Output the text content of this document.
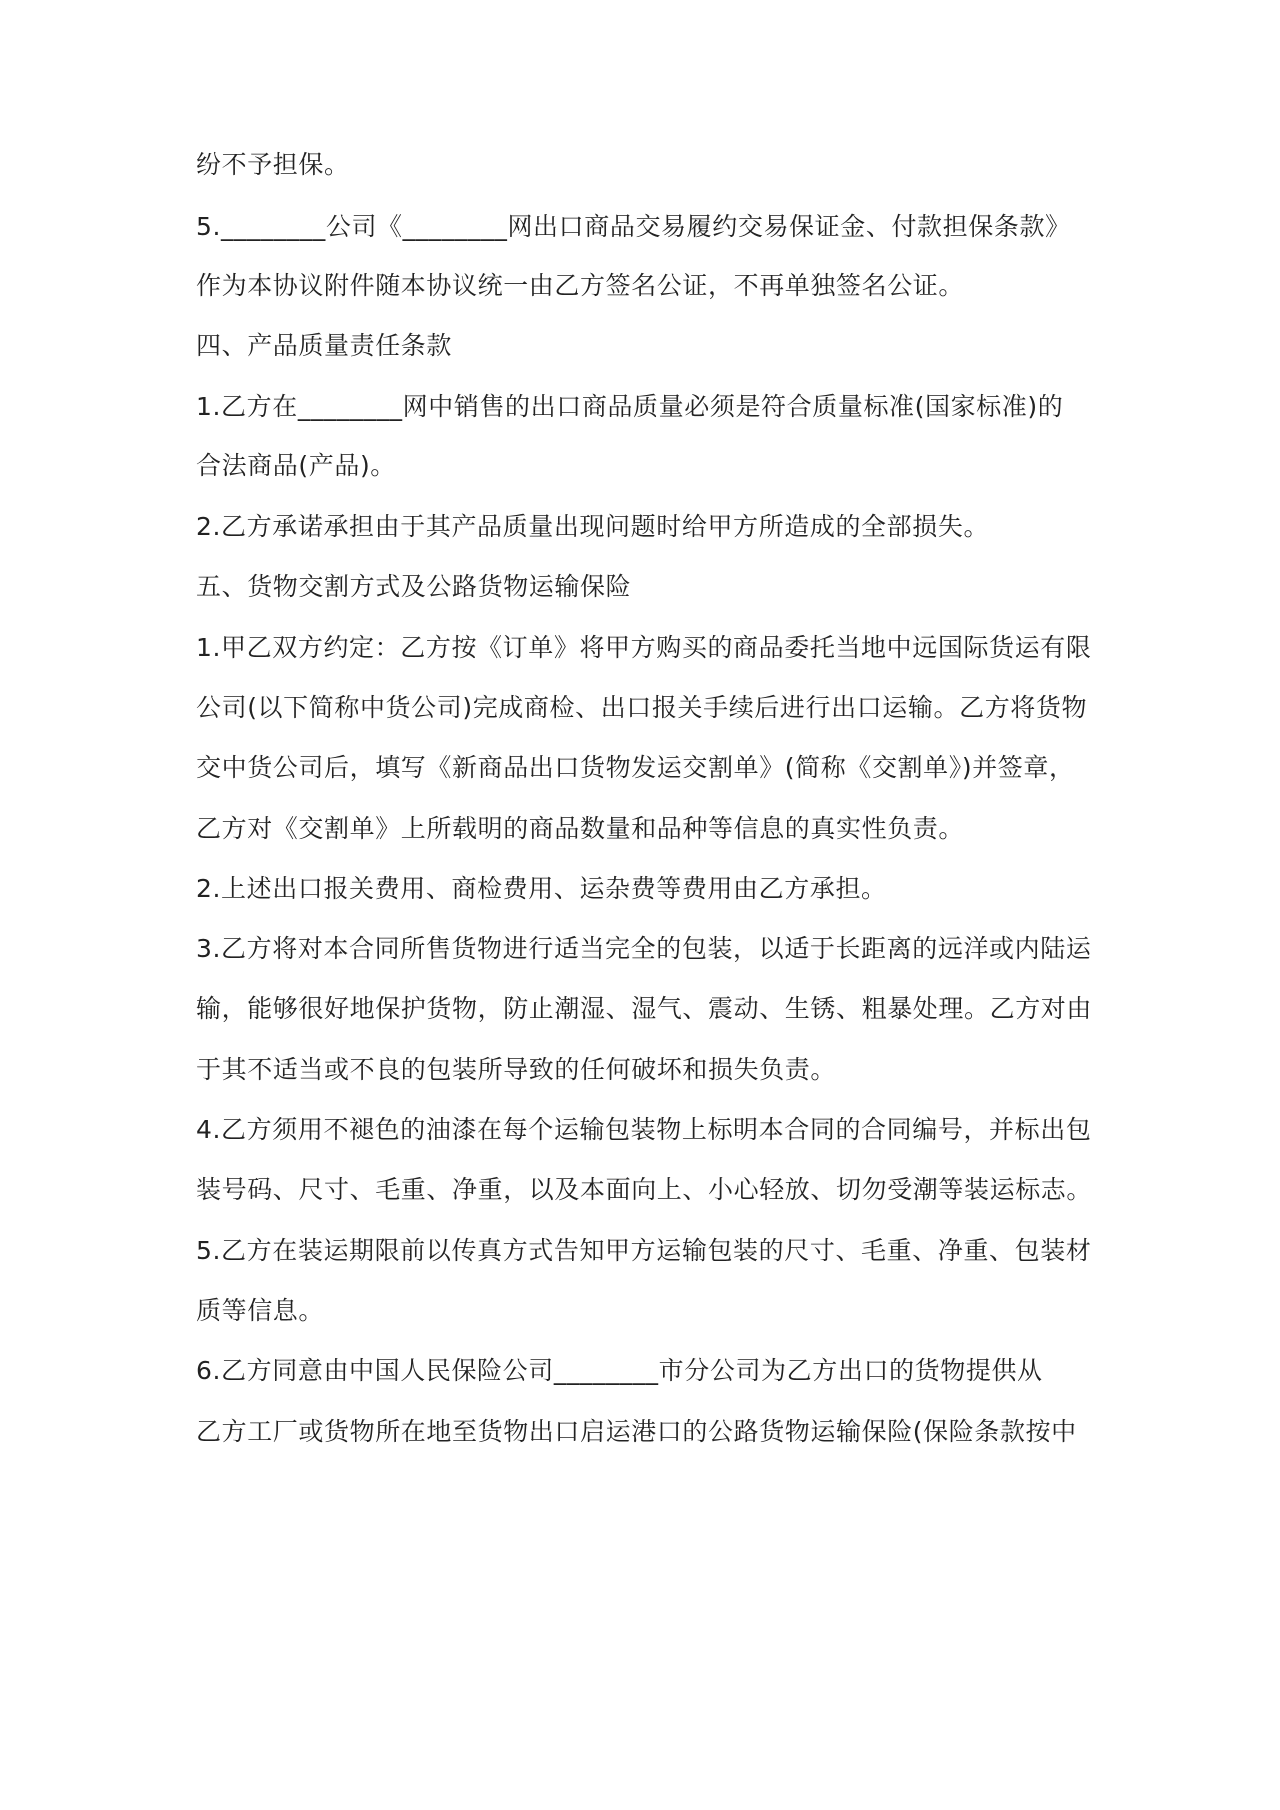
纷不予担保。
5.________公司《________网出口商品交易履约交易保证金、付款担保条款》
作为本协议附件随本协议统一由乙方签名公证，不再单独签名公证。
四、产品质量责任条款
1.乙方在________网中销售的出口商品质量必须是符合质量标准(国家标准)的
合法商品(产品)。
2.乙方承诺承担由于其产品质量出现问题时给甲方所造成的全部损失。
五、货物交割方式及公路货物运输保险
1.甲乙双方约定：乙方按《订单》将甲方购买的商品委托当地中远国际货运有限
公司(以下简称中货公司)完成商检、出口报关手续后进行出口运输。乙方将货物
交中货公司后，填写《新商品出口货物发运交割单》(简称《交割单》)并签章，
乙方对《交割单》上所载明的商品数量和品种等信息的真实性负责。
2.上述出口报关费用、商检费用、运杂费等费用由乙方承担。
3.乙方将对本合同所售货物进行适当完全的包装，以适于长距离的远洋或内陆运
输，能够很好地保护货物，防止潮湿、湿气、震动、生锈、粗暴处理。乙方对由
于其不适当或不良的包装所导致的任何破坏和损失负责。
4.乙方须用不褪色的油漆在每个运输包装物上标明本合同的合同编号，并标出包
装号码、尺寸、毛重、净重，以及本面向上、小心轻放、切勿受潮等装运标志。
5.乙方在装运期限前以传真方式告知甲方运输包装的尺寸、毛重、净重、包装材
质等信息。
6.乙方同意由中国人民保险公司________市分公司为乙方出口的货物提供从
乙方工厂或货物所在地至货物出口启运港口的公路货物运输保险(保险条款按中
